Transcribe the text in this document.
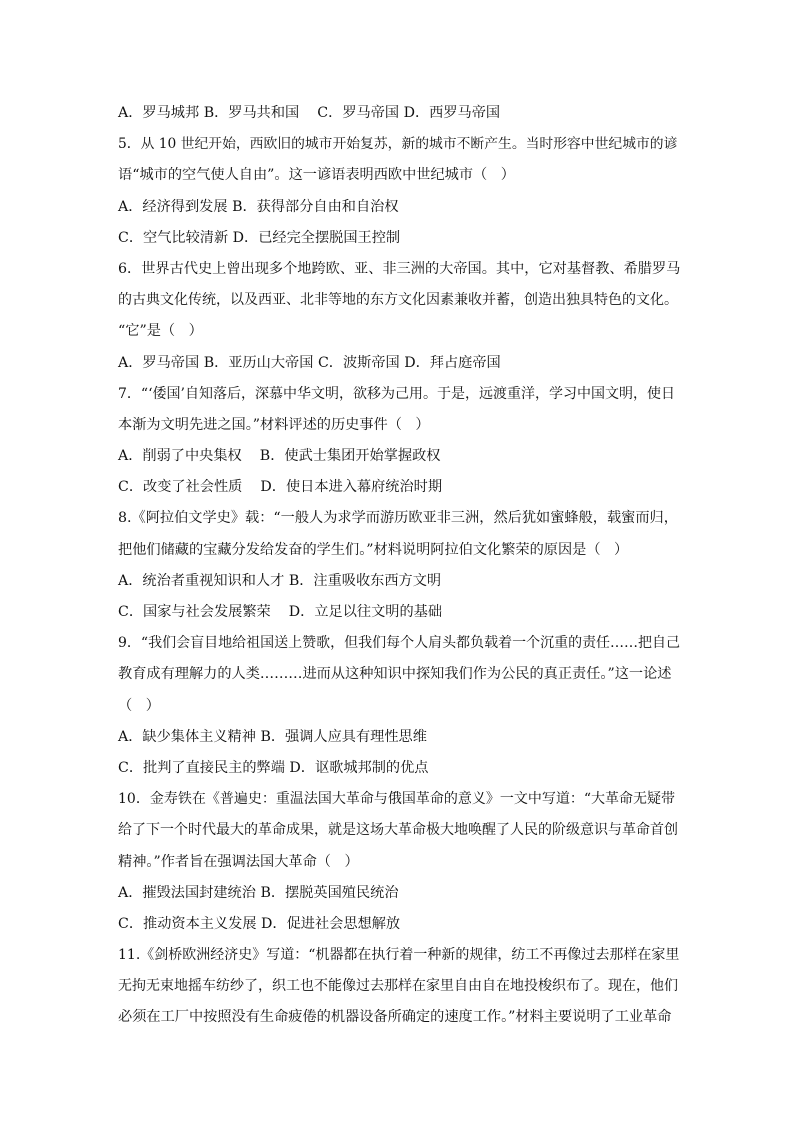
A．罗马城邦 B．罗马共和国    C．罗马帝国 D．西罗马帝国
5．从 10 世纪开始，西欧旧的城市开始复苏，新的城市不断产生。当时形容中世纪城市的谚
语“城市的空气使人自由”。这一谚语表明西欧中世纪城市（   ）
A．经济得到发展 B．获得部分自由和自治权
C．空气比较清新 D．已经完全摆脱国王控制
6．世界古代史上曾出现多个地跨欧、亚、非三洲的大帝国。其中，它对基督教、希腊罗马
的古典文化传统，以及西亚、北非等地的东方文化因素兼收并蓄，创造出独具特色的文化。
“它”是（   ）
A．罗马帝国 B．亚历山大帝国 C．波斯帝国 D．拜占庭帝国
7．“‘倭国’自知落后，深慕中华文明，欲移为己用。于是，远渡重洋，学习中国文明，使日
本渐为文明先进之国。”材料评述的历史事件（   ）
A．削弱了中央集权    B．使武士集团开始掌握政权
C．改变了社会性质    D．使日本进入幕府统治时期
8.《阿拉伯文学史》载：“一般人为求学而游历欧亚非三洲，然后犹如蜜蜂般，载蜜而归，
把他们储藏的宝藏分发给发奋的学生们。”材料说明阿拉伯文化繁荣的原因是（   ）
A．统治者重视知识和人才 B．注重吸收东西方文明
C．国家与社会发展繁荣    D．立足以往文明的基础
9．“我们会盲目地给祖国送上赞歌，但我们每个人肩头都负载着一个沉重的责任……把自己
教育成有理解力的人类………进而从这种知识中探知我们作为公民的真正责任。”这一论述
（   ）
A．缺少集体主义精神 B．强调人应具有理性思维
C．批判了直接民主的弊端 D．讴歌城邦制的优点
10．金寿铁在《普遍史：重温法国大革命与俄国革命的意义》一文中写道：“大革命无疑带
给了下一个时代最大的革命成果，就是这场大革命极大地唤醒了人民的阶级意识与革命首创
精神。”作者旨在强调法国大革命（   ）
A．摧毁法国封建统治 B．摆脱英国殖民统治
C．推动资本主义发展 D．促进社会思想解放
11.《剑桥欧洲经济史》写道：“机器都在执行着一种新的规律，纺工不再像过去那样在家里
无拘无束地摇车纺纱了，织工也不能像过去那样在家里自由自在地投梭织布了。现在，他们
必须在工厂中按照没有生命疲倦的机器设备所确定的速度工作。”材料主要说明了工业革命
